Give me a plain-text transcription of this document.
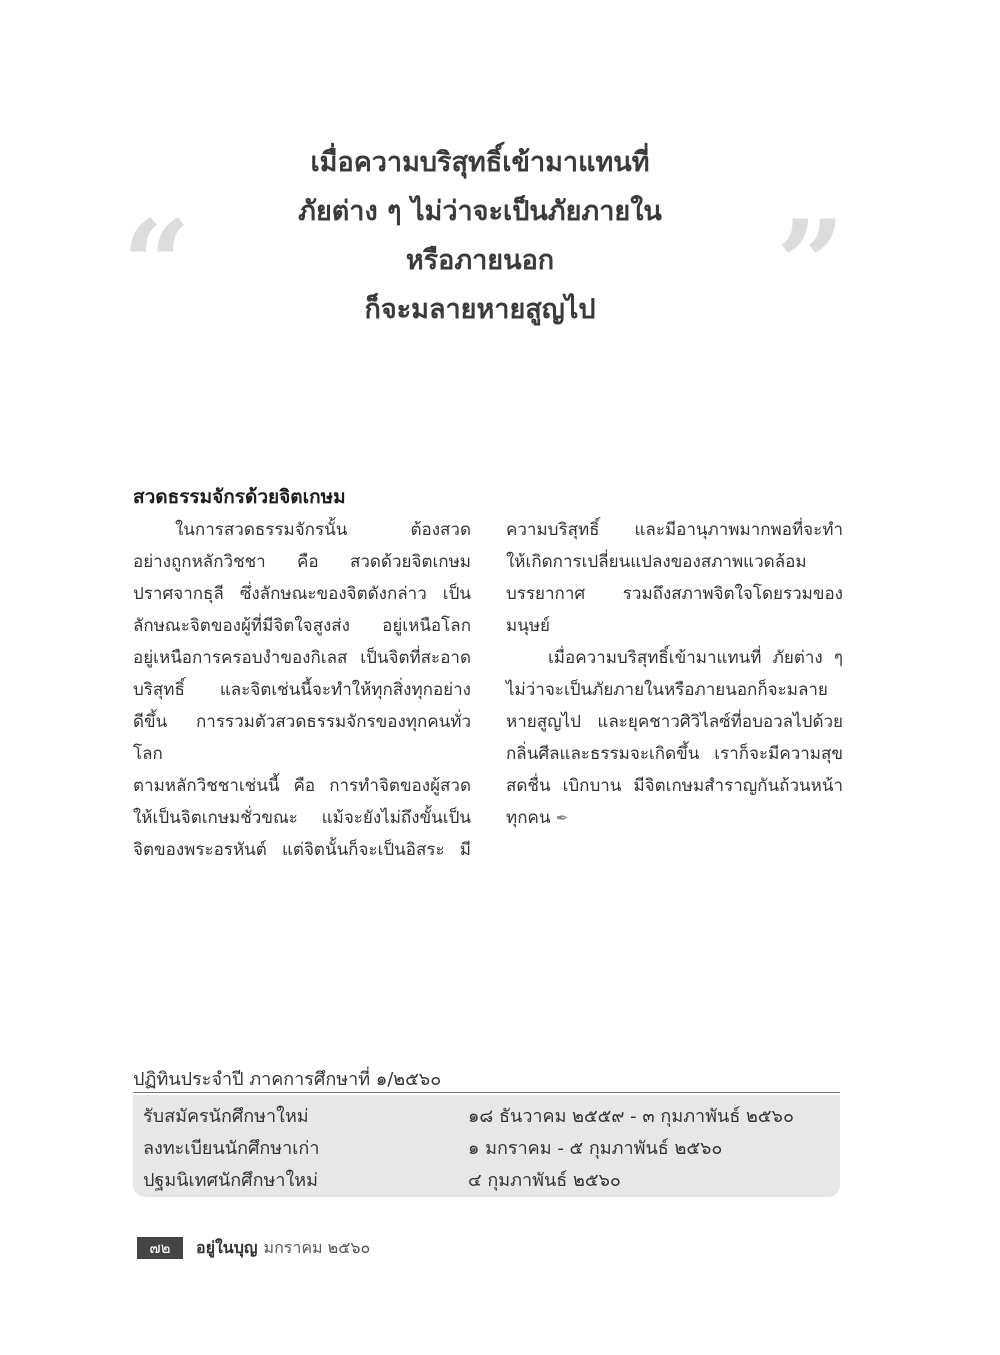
“	”
เมื่อความบริสุทธิ์เข้ามาแทนที่
ภัยต่าง ๆ ไม่ว่าจะเป็นภัยภายใน
หรือภายนอก
ก็จะมลายหายสูญไป
สวดธรรมจักรด้วยจิตเกษม

ในการสวดธรรมจักรนั้น ต้องสวด

อย่างถูกหลักวิชชา คือ สวดด้วยจิตเกษม

ปราศจากธุลี ซึ่งลักษณะของจิตดังกล่าว เป็น

ลักษณะจิตของผู้ที่มีจิตใจสูงส่ง อยู่เหนือโลก

อยู่เหนือการครอบงำของกิเลส เป็นจิตที่สะอาด

บริสุทธิ์ และจิตเช่นนี้จะทำให้ทุกสิ่งทุกอย่าง

ดีขึ้น การรวมตัวสวดธรรมจักรของทุกคนทั่วโลก

ตามหลักวิชชาเช่นนี้ คือ การทำจิตของผู้สวด

ให้เป็นจิตเกษมชั่วขณะ แม้จะยังไม่ถึงขั้นเป็น

จิตของพระอรหันต์ แต่จิตนั้นก็จะเป็นอิสระ มี

ความบริสุทธิ์ และมีอานุภาพมากพอที่จะทำ

ให้เกิดการเปลี่ยนแปลงของสภาพแวดล้อม

บรรยากาศ รวมถึงสภาพจิตใจโดยรวมของ

มนุษย์

เมื่อความบริสุทธิ์เข้ามาแทนที่ ภัยต่าง ๆ

ไม่ว่าจะเป็นภัยภายในหรือภายนอกก็จะมลาย

หายสูญไป และยุคชาวศิวิไลซ์ที่อบอวลไปด้วย

กลิ่นศีลและธรรมจะเกิดขึ้น เราก็จะมีความสุข

สดชื่น เบิกบาน มีจิตเกษมสำราญกันถ้วนหน้า

ทุกคน ✒

ปฏิทินประจำปี ภาคการศึกษาที่ ๑/๒๕๖๐
รับสมัครนักศึกษาใหม่	๑๘ ธันวาคม ๒๕๕๙ - ๓ กุมภาพันธ์ ๒๕๖๐
ลงทะเบียนนักศึกษาเก่า	๑ มกราคม - ๕ กุมภาพันธ์ ๒๕๖๐
ปฐมนิเทศนักศึกษาใหม่	๔ กุมภาพันธ์ ๒๕๖๐
๗๒	อยู่ในบุญ มกราคม ๒๕๖๐
